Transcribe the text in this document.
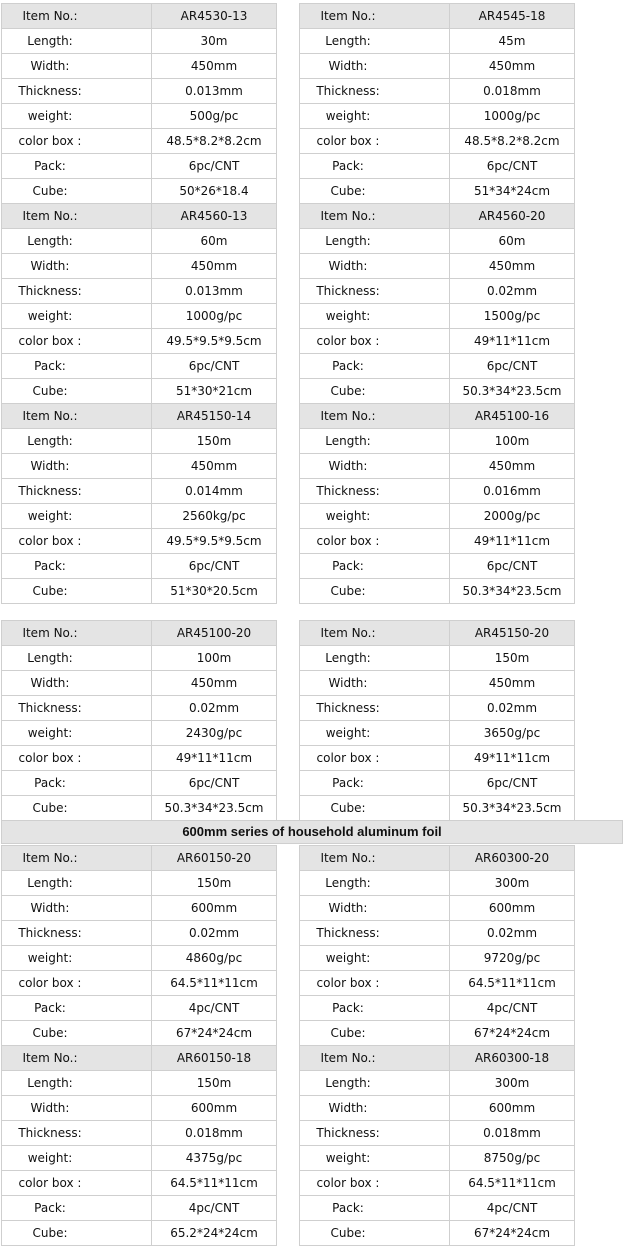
Item No.:	AR4530-13
Length:	30m
Width:	450mm
Thickness:	0.013mm
weight:	500g/pc
color box :	48.5*8.2*8.2cm
Pack:	6pc/CNT
Cube:	50*26*18.4
Item No.:	AR4545-18
Length:	45m
Width:	450mm
Thickness:	0.018mm
weight:	1000g/pc
color box :	48.5*8.2*8.2cm
Pack:	6pc/CNT
Cube:	51*34*24cm
Item No.:	AR4560-13
Length:	60m
Width:	450mm
Thickness:	0.013mm
weight:	1000g/pc
color box :	49.5*9.5*9.5cm
Pack:	6pc/CNT
Cube:	51*30*21cm
Item No.:	AR4560-20
Length:	60m
Width:	450mm
Thickness:	0.02mm
weight:	1500g/pc
color box :	49*11*11cm
Pack:	6pc/CNT
Cube:	50.3*34*23.5cm
Item No.:	AR45150-14
Length:	150m
Width:	450mm
Thickness:	0.014mm
weight:	2560kg/pc
color box :	49.5*9.5*9.5cm
Pack:	6pc/CNT
Cube:	51*30*20.5cm
Item No.:	AR45100-16
Length:	100m
Width:	450mm
Thickness:	0.016mm
weight:	2000g/pc
color box :	49*11*11cm
Pack:	6pc/CNT
Cube:	50.3*34*23.5cm
Item No.:	AR45100-20
Length:	100m
Width:	450mm
Thickness:	0.02mm
weight:	2430g/pc
color box :	49*11*11cm
Pack:	6pc/CNT
Cube:	50.3*34*23.5cm
Item No.:	AR45150-20
Length:	150m
Width:	450mm
Thickness:	0.02mm
weight:	3650g/pc
color box :	49*11*11cm
Pack:	6pc/CNT
Cube:	50.3*34*23.5cm
Item No.:	AR60150-20
Length:	150m
Width:	600mm
Thickness:	0.02mm
weight:	4860g/pc
color box :	64.5*11*11cm
Pack:	4pc/CNT
Cube:	67*24*24cm
Item No.:	AR60300-20
Length:	300m
Width:	600mm
Thickness:	0.02mm
weight:	9720g/pc
color box :	64.5*11*11cm
Pack:	4pc/CNT
Cube:	67*24*24cm
Item No.:	AR60150-18
Length:	150m
Width:	600mm
Thickness:	0.018mm
weight:	4375g/pc
color box :	64.5*11*11cm
Pack:	4pc/CNT
Cube:	65.2*24*24cm
Item No.:	AR60300-18
Length:	300m
Width:	600mm
Thickness:	0.018mm
weight:	8750g/pc
color box :	64.5*11*11cm
Pack:	4pc/CNT
Cube:	67*24*24cm
600mm series of household aluminum foil
